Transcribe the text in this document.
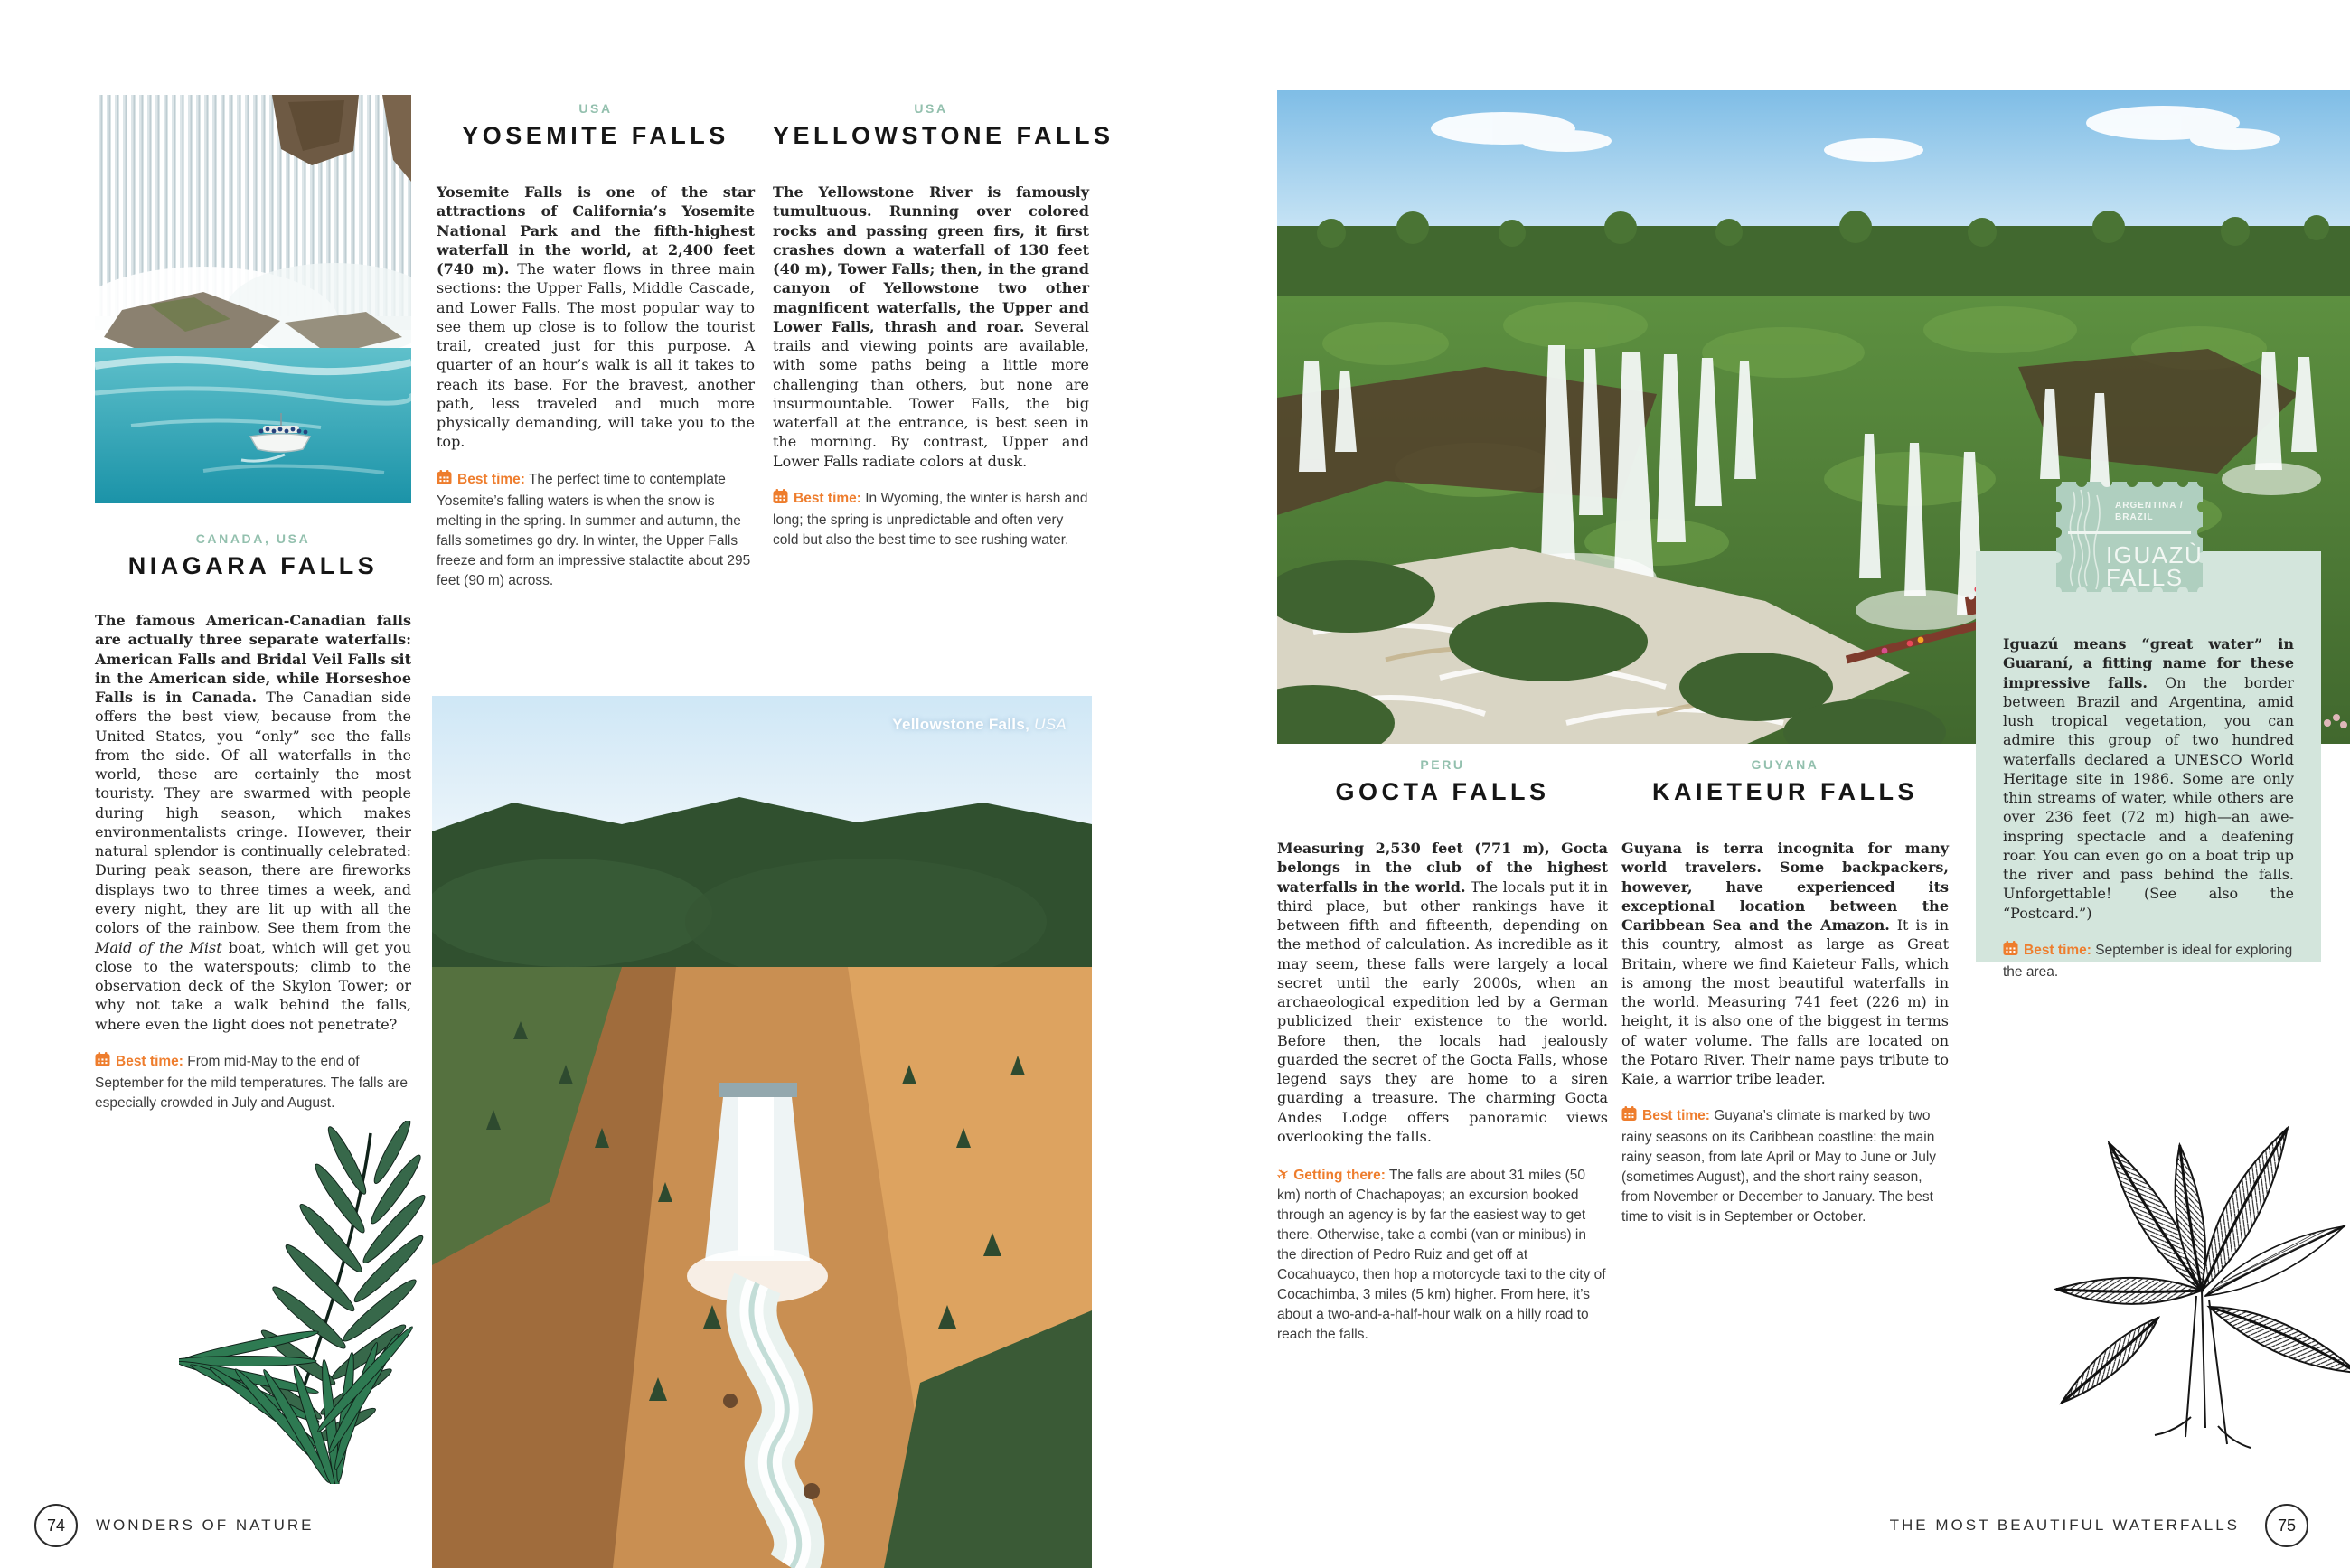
CANADA, USA
NIAGARA FALLS

The famous American-Canadian falls are actually three separate waterfalls: American Falls and Bridal Veil Falls sit in the American side, while Horseshoe Falls is in Canada. The Canadian side offers the best view, because from the United States, you “only” see the falls from the side. Of all waterfalls in the world, these are certainly the most touristy. They are swarmed with people during high season, which makes environmentalists cringe. However, their natural splendor is continually celebrated: During peak season, there are fireworks displays two to three times a week, and every night, they are lit up with all the colors of the rainbow. See them from the Maid of the Mist boat, which will get you close to the waterspouts; climb to the observation deck of the Skylon Tower; or why not take a walk behind the falls, where even the light does not penetrate?

Best time: From mid-May to the end of September for the mild temperatures. The falls are especially crowded in July and August.

USA
YOSEMITE FALLS

Yosemite Falls is one of the star attractions of California’s Yosemite National Park and the fifth-highest waterfall in the world, at 2,400 feet (740 m). The water flows in three main sections: the Upper Falls, Middle Cascade, and Lower Falls. The most popular way to see them up close is to follow the tourist trail, created just for this purpose. A quarter of an hour’s walk is all it takes to reach its base. For the bravest, another path, less traveled and much more physically demanding, will take you to the top.

Best time: The perfect time to contemplate Yosemite’s falling waters is when the snow is melting in the spring. In summer and autumn, the falls sometimes go dry. In winter, the Upper Falls freeze and form an impressive stalactite about 295 feet (90 m) across.

USA
YELLOWSTONE FALLS

The Yellowstone River is famously tumultuous. Running over colored rocks and passing green firs, it first crashes down a waterfall of 130 feet (40 m), Tower Falls; then, in the grand canyon of Yellowstone two other magnificent waterfalls, the Upper and Lower Falls, thrash and roar. Several trails and viewing points are available, with some paths being a little more challenging than others, but none are insurmountable. Tower Falls, the big waterfall at the entrance, is best seen in the morning. By contrast, Upper and Lower Falls radiate colors at dusk.

Best time: In Wyoming, the winter is harsh and long; the spring is unpredictable and often very cold but also the best time to see rushing water.

Yellowstone Falls, USA
74 WONDERS OF NATURE
PERU
GOCTA FALLS

Measuring 2,530 feet (771 m), Gocta belongs in the club of the highest waterfalls in the world. The locals put it in third place, but other rankings have it between fifth and fifteenth, depending on the method of calculation. As incredible as it may seem, these falls were largely a local secret until the early 2000s, when an archaeological expedition led by a German publicized their existence to the world. Before then, the locals had jealously guarded the secret of the Gocta Falls, whose legend says they are home to a siren guarding a treasure. The charming Gocta Andes Lodge offers panoramic views overlooking the falls.

✈Getting there: The falls are about 31 miles (50 km) north of Chachapoyas; an excursion booked through an agency is by far the easiest way to get there. Otherwise, take a combi (van or minibus) in the direction of Pedro Ruiz and get off at Cocahuayco, then hop a motorcycle taxi to the city of Cocachimba, 3 miles (5 km) higher. From here, it’s about a two-and-a-half-hour walk on a hilly road to reach the falls.

GUYANA
KAIETEUR FALLS

Guyana is terra incognita for many world travelers. Some backpackers, however, have experienced its exceptional location between the Caribbean Sea and the Amazon. It is in this country, almost as large as Great Britain, where we find Kaieteur Falls, which is among the most beautiful waterfalls in the world. Measuring 741 feet (226 m) in height, it is also one of the biggest in terms of water volume. The falls are located on the Potaro River. Their name pays tribute to Kaie, a warrior tribe leader.

Best time: Guyana’s climate is marked by two rainy seasons on its Caribbean coastline: the main rainy season, from late April or May to June or July (sometimes August), and the short rainy season, from November or December to January. The best time to visit is in September or October.

Iguazú means “great water” in Guaraní, a fitting name for these impressive falls. On the border between Brazil and Argentina, amid lush tropical vegetation, you can admire this group of two hundred waterfalls declared a UNESCO World Heritage site in 1986. Some are only thin streams of water, while others are over 236 feet (72 m) high—an awe-inspring spectacle and a deafening roar. You can even go on a boat trip up the river and pass behind the falls. Unforgettable! (See also the “Postcard.”)

Best time: September is ideal for exploring the area.

ARGENTINA /
BRAZIL
IGUAZÙ
FALLS
THE MOST BEAUTIFUL WATERFALLS 75
